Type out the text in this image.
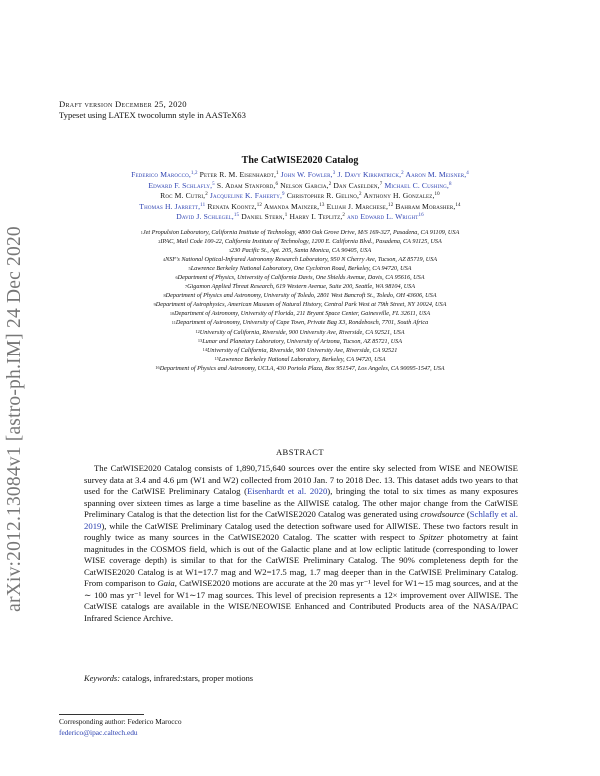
arXiv:2012.13084v1 [astro-ph.IM] 24 Dec 2020
Draft version December 25, 2020
Typeset using LATEX twocolumn style in AASTeX63
The CatWISE2020 Catalog
Federico Marocco,$^{1,2}$ Peter R. M. Eisenhardt,$^1$ John W. Fowler,$^3$ J. Davy Kirkpatrick,$^2$ Aaron M. Meisner,$^4$
Edward F. Schlafly,$^5$ S. Adam Stanford,$^6$ Nelson Garcia,$^2$ Dan Caselden,$^7$ Michael C. Cushing,$^8$
Roc M. Cutri,$^2$ Jacqueline K. Faherty,$^9$ Christopher R. Gelino,$^2$ Anthony H. Gonzalez,$^{10}$
Thomas H. Jarrett,$^{11}$ Renata Koontz,$^{12}$ Amanda Mainzer,$^{13}$ Elijah J. Marchese,$^{12}$ Bahram Mobasher,$^{14}$
David J. Schlegel,$^{15}$ Daniel Stern,$^1$ Harry I. Teplitz,$^2$ and Edward L. Wright$^{16}$
$^1$Jet Propulsion Laboratory, California Institute of Technology, 4800 Oak Grove Drive, M/S 169-327, Pasadena, CA 91109, USA
$^2$IPAC, Mail Code 100-22, California Institute of Technology, 1200 E. California Blvd., Pasadena, CA 91125, USA
$^3$230 Pacific St., Apt. 205, Santa Monica, CA 90405, USA
$^4$NSF's National Optical-Infrared Astronomy Research Laboratory, 950 N Cherry Ave, Tucson, AZ 85719, USA
$^5$Lawrence Berkeley National Laboratory, One Cyclotron Road, Berkeley, CA 94720, USA
$^6$Department of Physics, University of California Davis, One Shields Avenue, Davis, CA 95616, USA
$^7$Gigamon Applied Threat Research, 619 Western Avenue, Suite 200, Seattle, WA 98104, USA
$^8$Department of Physics and Astronomy, University of Toledo, 2801 West Bancroft St., Toledo, OH 43606, USA
$^9$Department of Astrophysics, American Museum of Natural History, Central Park West at 79th Street, NY 10024, USA
$^{10}$Department of Astronomy, University of Florida, 211 Bryant Space Center, Gainesville, FL 32611, USA
$^{11}$Department of Astronomy, University of Cape Town, Private Bag X3, Rondebosch, 7701, South Africa
$^{12}$University of California, Riverside, 900 University Ave, Riverside, CA 92521, USA
$^{13}$Lunar and Planetary Laboratory, University of Arizona, Tucson, AZ 85721, USA
$^{14}$University of California, Riverside, 900 University Ave, Riverside, CA 92521
$^{15}$Lawrence Berkeley National Laboratory, Berkeley, CA 94720, USA
$^{16}$Department of Physics and Astronomy, UCLA, 430 Portola Plaza, Box 951547, Los Angeles, CA 90095-1547, USA
ABSTRACT
The CatWISE2020 Catalog consists of 1,890,715,640 sources over the entire sky selected from WISE and NEOWISE survey data at 3.4 and 4.6 μm (W1 and W2) collected from 2010 Jan. 7 to 2018 Dec. 13. This dataset adds two years to that used for the CatWISE Preliminary Catalog (Eisenhardt et al. 2020), bringing the total to six times as many exposures spanning over sixteen times as large a time baseline as the AllWISE catalog. The other major change from the CatWISE Preliminary Catalog is that the detection list for the CatWISE2020 Catalog was generated using crowdsource (Schlafly et al. 2019), while the CatWISE Preliminary Catalog used the detection software used for AllWISE. These two factors result in roughly twice as many sources in the CatWISE2020 Catalog. The scatter with respect to Spitzer photometry at faint magnitudes in the COSMOS field, which is out of the Galactic plane and at low ecliptic latitude (corresponding to lower WISE coverage depth) is similar to that for the CatWISE Preliminary Catalog. The 90% completeness depth for the CatWISE2020 Catalog is at W1=17.7 mag and W2=17.5 mag, 1.7 mag deeper than in the CatWISE Preliminary Catalog. From comparison to Gaia, CatWISE2020 motions are accurate at the 20 mas yr⁻¹ level for W1∼15 mag sources, and at the ∼ 100 mas yr⁻¹ level for W1∼17 mag sources. This level of precision represents a 12× improvement over AllWISE. The CatWISE catalogs are available in the WISE/NEOWISE Enhanced and Contributed Products area of the NASA/IPAC Infrared Science Archive.
Keywords: catalogs, infrared:stars, proper motions
Corresponding author: Federico Marocco
federico@ipac.caltech.edu
